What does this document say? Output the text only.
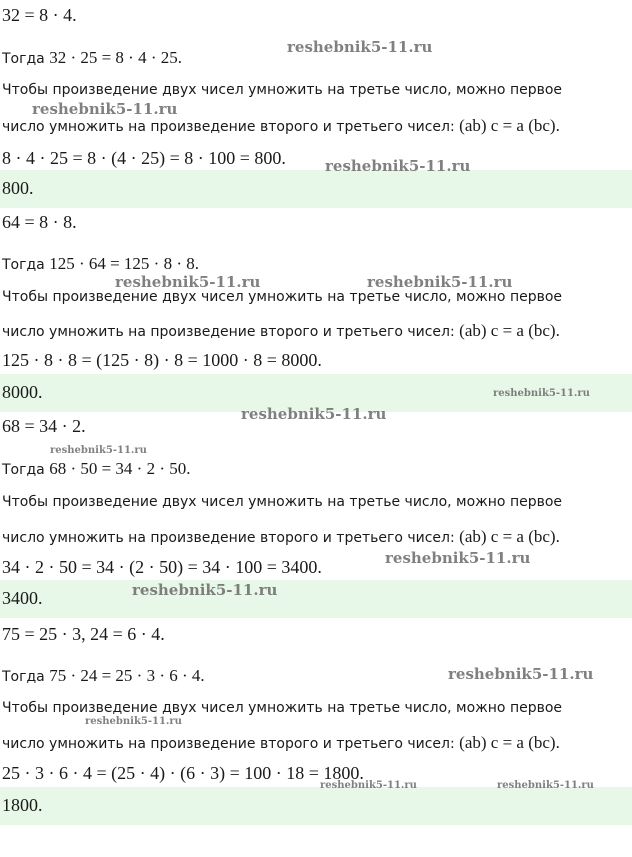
32 = 8 · 4.
Тогда 32 · 25 = 8 · 4 · 25.
Чтобы произведение двух чисел умножить на третье число, можно первое
число умножить на произведение второго и третьего чисел: (ab) c = a (bc).
8 · 4 · 25 = 8 · (4 · 25) = 8 · 100 = 800.
800.
64 = 8 · 8.
Тогда 125 · 64 = 125 · 8 · 8.
Чтобы произведение двух чисел умножить на третье число, можно первое
число умножить на произведение второго и третьего чисел: (ab) c = a (bc).
125 · 8 · 8 = (125 · 8) · 8 = 1000 · 8 = 8000.
8000.
68 = 34 · 2.
Тогда 68 · 50 = 34 · 2 · 50.
Чтобы произведение двух чисел умножить на третье число, можно первое
число умножить на произведение второго и третьего чисел: (ab) c = a (bc).
34 · 2 · 50 = 34 · (2 · 50) = 34 · 100 = 3400.
3400.
75 = 25 · 3, 24 = 6 · 4.
Тогда 75 · 24 = 25 · 3 · 6 · 4.
Чтобы произведение двух чисел умножить на третье число, можно первое
число умножить на произведение второго и третьего чисел: (ab) c = a (bc).
25 · 3 · 6 · 4 = (25 · 4) · (6 · 3) = 100 · 18 = 1800.
1800.
reshebnik5-11.ru
reshebnik5-11.ru
reshebnik5-11.ru
reshebnik5-11.ru	reshebnik5-11.ru
reshebnik5-11.ru
reshebnik5-11.ru
reshebnik5-11.ru
reshebnik5-11.ru
reshebnik5-11.ru
reshebnik5-11.ru
reshebnik5-11.ru
reshebnik5-11.ru	reshebnik5-11.ru
